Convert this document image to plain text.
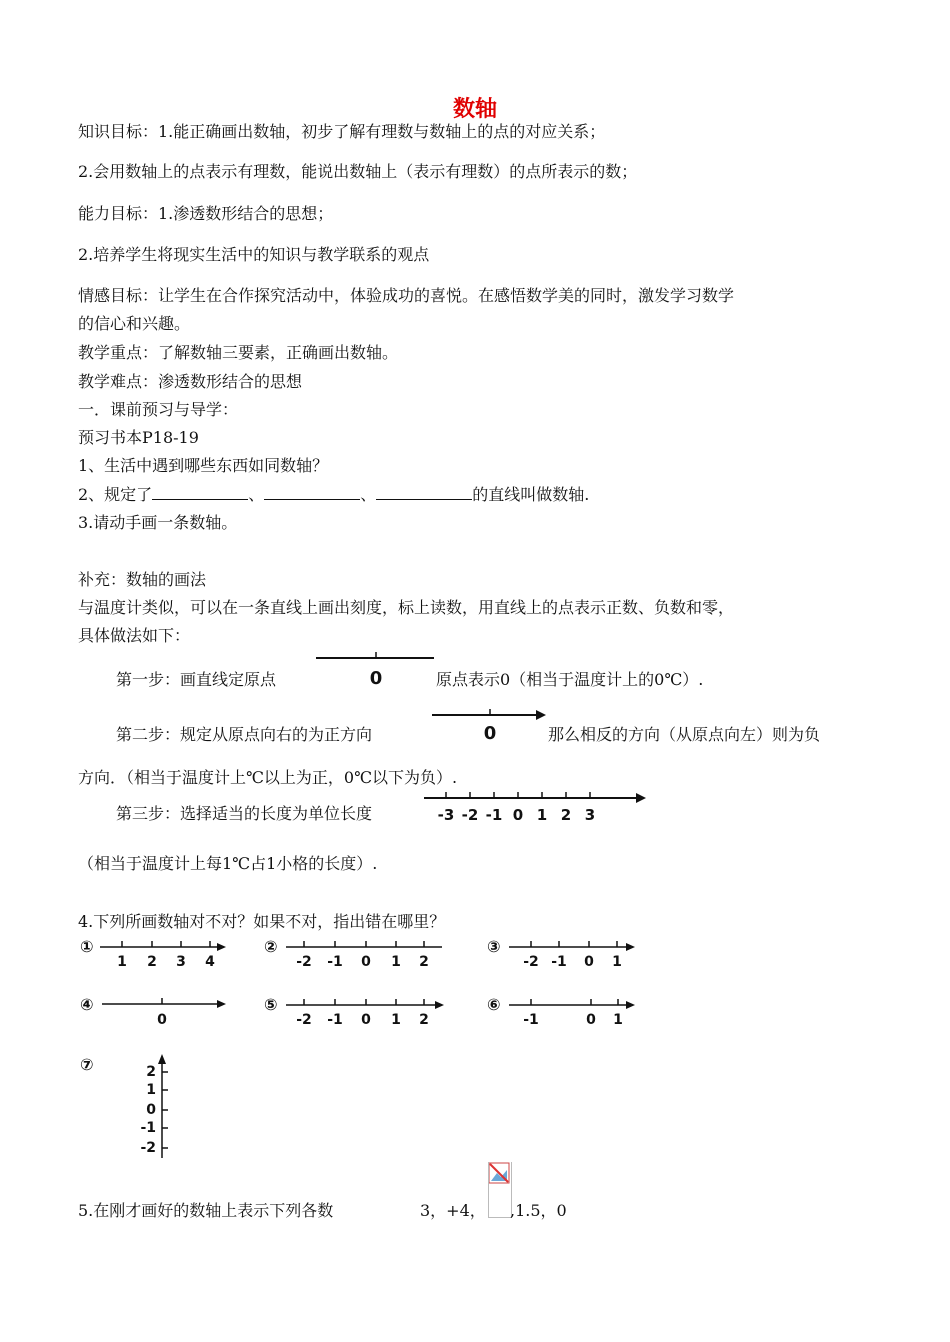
数轴
知识目标：1.能正确画出数轴，初步了解有理数与数轴上的点的对应关系；
2.会用数轴上的点表示有理数，能说出数轴上（表示有理数）的点所表示的数；
能力目标：1.渗透数形结合的思想；
2.培养学生将现实生活中的知识与教学联系的观点
情感目标：让学生在合作探究活动中，体验成功的喜悦。在感悟数学美的同时，激发学习数学
的信心和兴趣。
教学重点：了解数轴三要素，正确画出数轴。
教学难点：渗透数形结合的思想
一．课前预习与导学：
预习书本P18-19
1、生活中遇到哪些东西如同数轴？
2、规定了	、	、	的直线叫做数轴.
3.请动手画一条数轴。
补充：数轴的画法
与温度计类似，可以在一条直线上画出刻度，标上读数，用直线上的点表示正数、负数和零，
具体做法如下：
第一步：画直线定原点	0	原点表示0（相当于温度计上的0℃）.
第二步：规定从原点向右的为正方向	0	那么相反的方向（从原点向左）则为负
方向．（相当于温度计上℃以上为正，0℃以下为负）.
第三步：选择适当的长度为单位长度	-3 -2 -1 0 1 2 3
（相当于温度计上每1℃占1小格的长度）.
4.下列所画数轴对不对？如果不对，指出错在哪里？
①
1 2 3 4
②
-2 -1 0 1 2
③
-2 -1 0 1
④
0
⑤
-2 -1 0 1 2
⑥
-1	0 1
⑦	2
1
0
-1
-2
5.在刚才画好的数轴上表示下列各数	3，+4， ,1.5，0
